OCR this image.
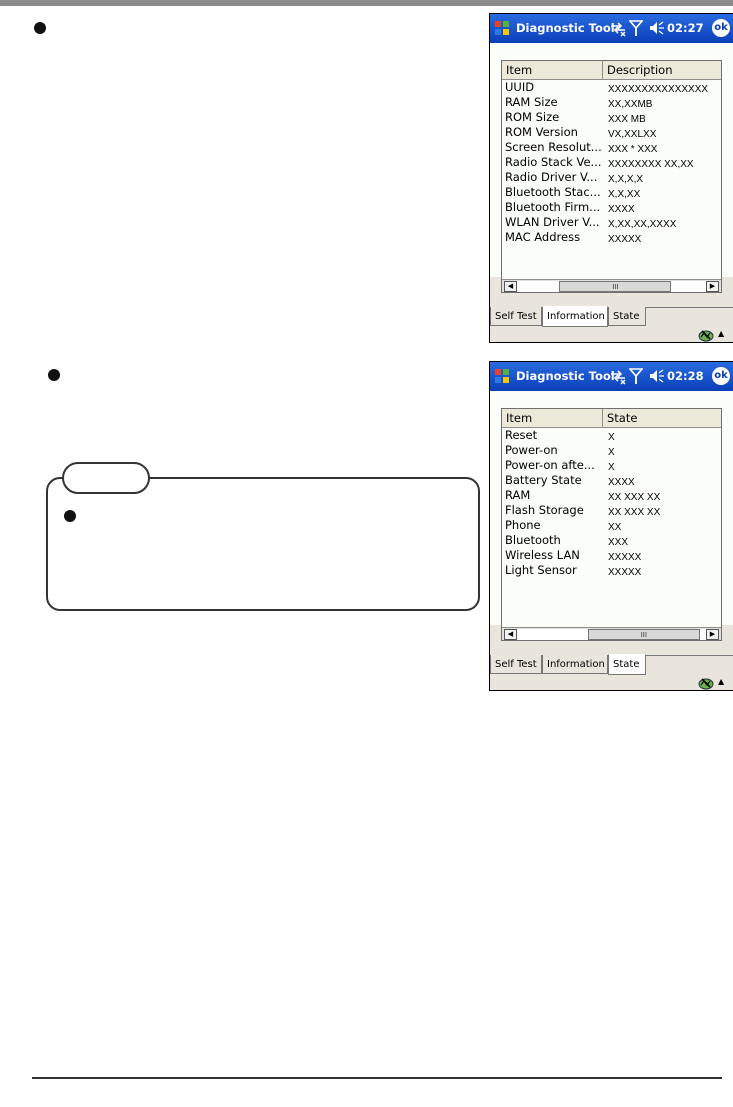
Diagnostic Tool	02:27 ok
Item	Description
UUID	XXXXXXXXXXXXXXX
RAM Size	XX,XXMB
ROM Size	XXX MB
ROM Version	VX,XXLXX
Screen Resolut... XXX * XXX
Radio Stack Ve... XXXXXXXX XX,XX
Radio Driver V...	X,X,X,X
Bluetooth Stac... X,X,XX
Bluetooth Firm... XXXX
WLAN Driver V... X,XX,XX,XXXX
MAC Address	XXXXX
◀	III	▶
Self Test	Information State
▲
Diagnostic Tool	02:28 ok
Item	State
Reset	X
Power-on	X
Power-on afte...	X
Battery State	XXXX
RAM	XX XXX XX
Flash Storage	XX XXX XX
Phone	XX
Bluetooth	XXX
Wireless LAN	XXXXX
Light Sensor	XXXXX
◀	III	▶
Self Test	Information State
▲
